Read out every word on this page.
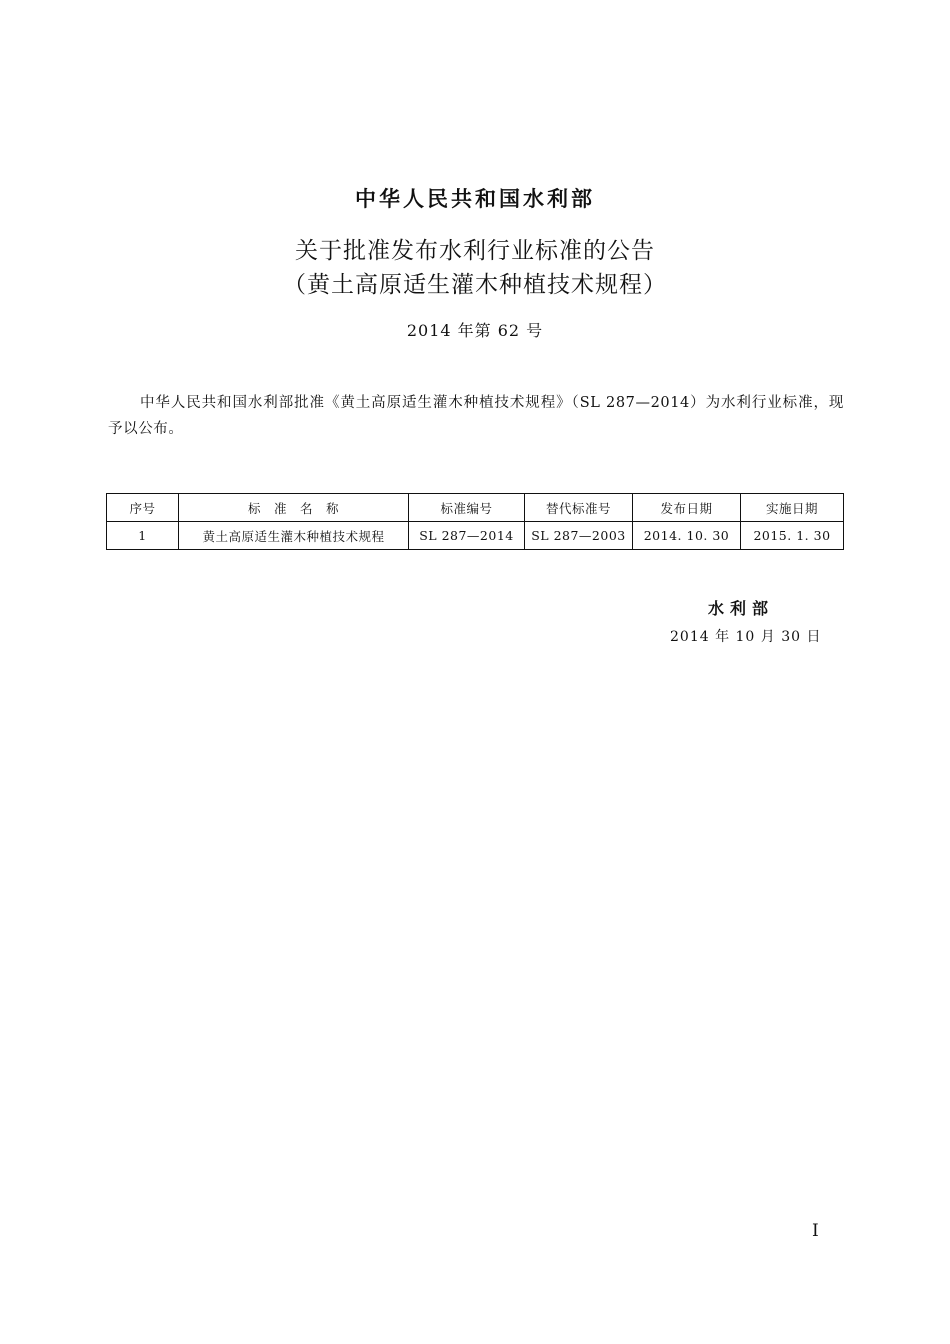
中华人民共和国水利部
关于批准发布水利行业标准的公告
（黄土高原适生灌木种植技术规程）
2014 年第 62 号
中华人民共和国水利部批准《黄土高原适生灌木种植技术规程》（SL 287—2014）为水利行业标准，现予以公布。
序号	标　准　名　称	标准编号	替代标准号	发布日期	实施日期
1	黄土高原适生灌木种植技术规程	SL 287—2014	SL 287—2003	2014. 10. 30	2015. 1. 30
水利部
2014 年 10 月 30 日
I
